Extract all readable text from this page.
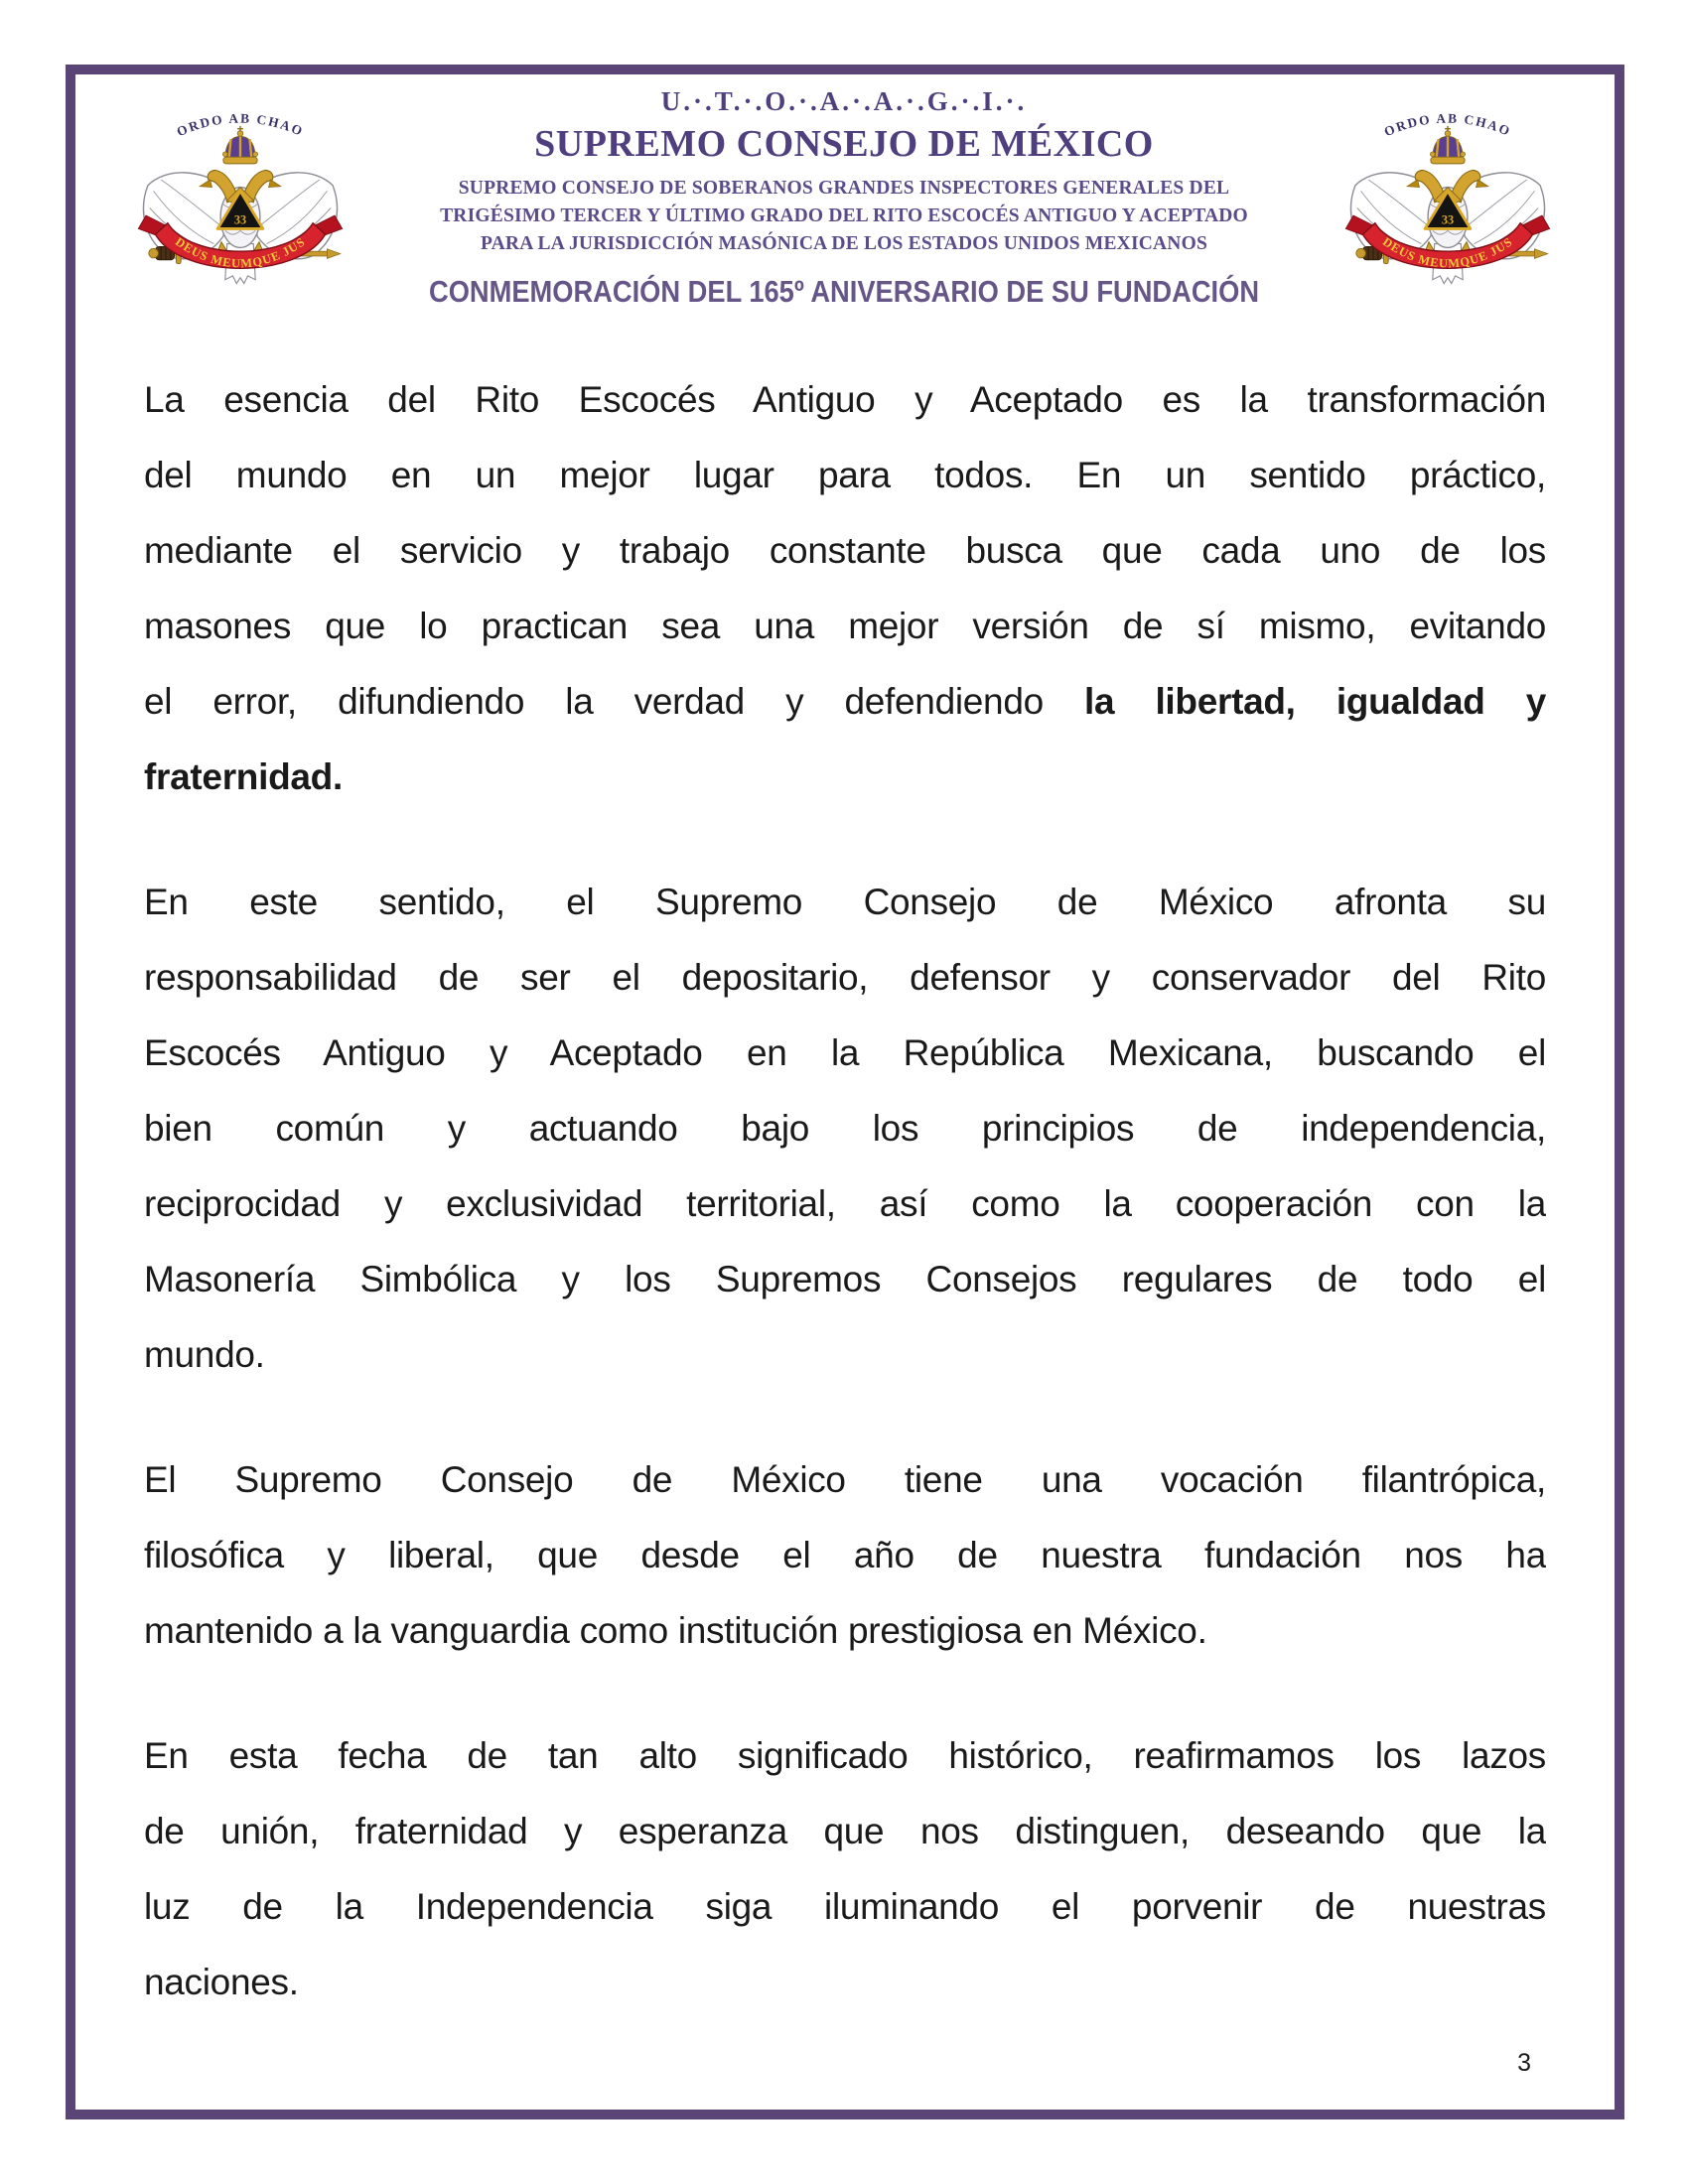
U.·.T.·.O.·.A.·.A.·.G.·.I.·.
SUPREMO CONSEJO DE MÉXICO
SUPREMO CONSEJO DE SOBERANOS GRANDES INSPECTORES GENERALES DEL
TRIGÉSIMO TERCER Y ÚLTIMO GRADO DEL RITO ESCOCÉS ANTIGUO Y ACEPTADO
PARA LA JURISDICCIÓN MASÓNICA DE LOS ESTADOS UNIDOS MEXICANOS
CONMEMORACIÓN DEL 165º ANIVERSARIO DE SU FUNDACIÓN
La esencia del Rito Escocés Antiguo y Aceptado es la transformación
del mundo en un mejor lugar para todos. En un sentido práctico,
mediante el servicio y trabajo constante busca que cada uno de los
masones que lo practican sea una mejor versión de sí mismo, evitando
el error, difundiendo la verdad y defendiendo la libertad, igualdad y
fraternidad.
En este sentido, el Supremo Consejo de México afronta su
responsabilidad de ser el depositario, defensor y conservador del Rito
Escocés Antiguo y Aceptado en la República Mexicana, buscando el
bien común y actuando bajo los principios de independencia,
reciprocidad y exclusividad territorial, así como la cooperación con la
Masonería Simbólica y los Supremos Consejos regulares de todo el
mundo.
El Supremo Consejo de México tiene una vocación filantrópica,
filosófica y liberal, que desde el año de nuestra fundación nos ha
mantenido a la vanguardia como institución prestigiosa en México.
En esta fecha de tan alto significado histórico, reafirmamos los lazos
de unión, fraternidad y esperanza que nos distinguen, deseando que la
luz de la Independencia siga iluminando el porvenir de nuestras
naciones.
3
